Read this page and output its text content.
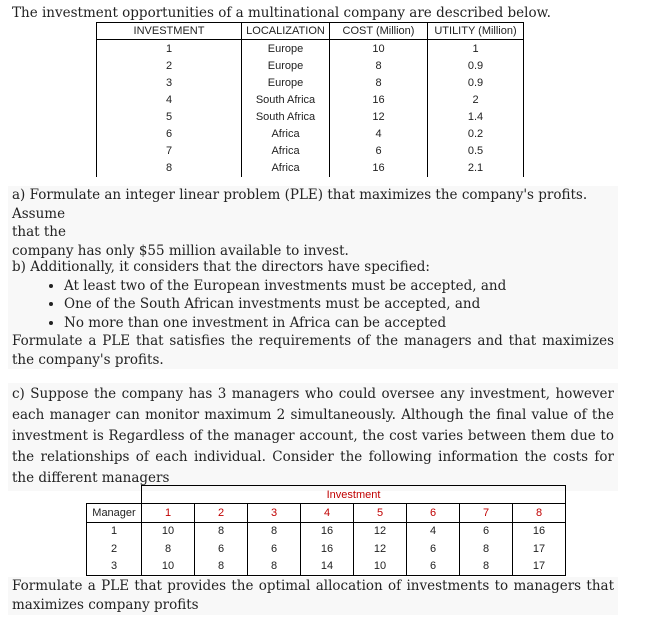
The investment opportunities of a multinational company are described below.
INVESTMENT	LOCALIZATION	COST (Million)	UTILITY (Million)
1	Europe	10	1
2	Europe	8	0.9
3	Europe	8	0.9
4	South Africa	16	2
5	South Africa	12	1.4
6	Africa	4	0.2
7	Africa	6	0.5
8	Africa	16	2.1

a) Formulate an integer linear problem (PLE) that maximizes the company's profits. Assume

that the

company has only $55 million available to invest.

b) Additionally, it considers that the directors have specified:

• At least two of the European investments must be accepted, and
• One of the South African investments must be accepted, and
• No more than one investment in Africa can be accepted

Formulate a PLE that satisfies the requirements of the managers and that maximizes the company's profits.

c) Suppose the company has 3 managers who could oversee any investment, however each manager can monitor maximum 2 simultaneously. Although the final value of the investment is Regardless of the manager account, the cost varies between them due to the relationships of each individual. Consider the following information the costs for the different managers
	Investment							
Manager	1	2	3	4	5	6	7	8
1	10	8	8	16	12	4	6	16
2	8	6	6	16	12	6	8	17
3	10	8	8	14	10	6	8	17
Formulate a PLE that provides the optimal allocation of investments to managers that maximizes company profits
